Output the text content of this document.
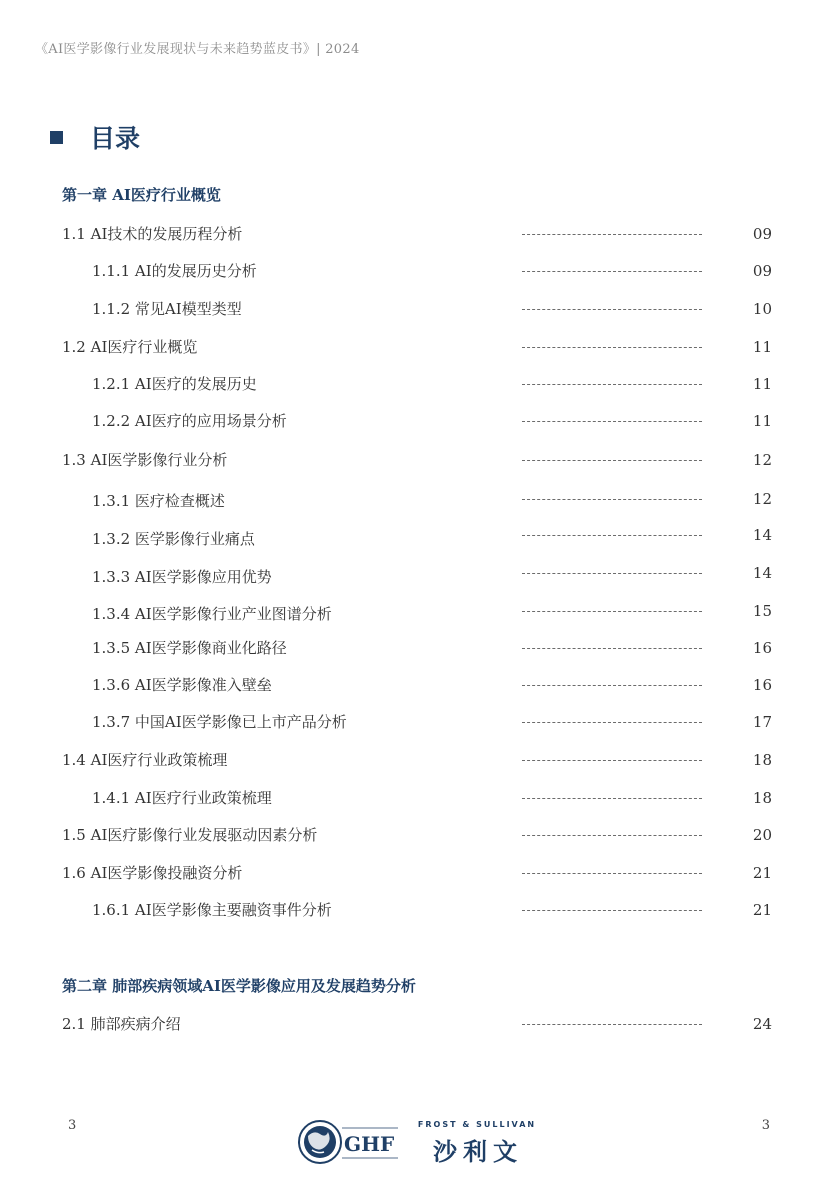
《AI医学影像行业发展现状与未来趋势蓝皮书》| 2024
目录
第一章 AI医疗行业概览
1.1 AI技术的发展历程分析	09
1.1.1 AI的发展历史分析	09
1.1.2 常见AI模型类型	10
1.2 AI医疗行业概览	11
1.2.1 AI医疗的发展历史	11
1.2.2 AI医疗的应用场景分析	11
1.3 AI医学影像行业分析	12
1.3.1 医疗检查概述	12
1.3.2 医学影像行业痛点	14
1.3.3 AI医学影像应用优势	14
1.3.4 AI医学影像行业产业图谱分析	15
1.3.5 AI医学影像商业化路径	16
1.3.6 AI医学影像准入壁垒	16
1.3.7 中国AI医学影像已上市产品分析	17
1.4 AI医疗行业政策梳理	18
1.4.1 AI医疗行业政策梳理	18
1.5 AI医疗影像行业发展驱动因素分析	20
1.6 AI医学影像投融资分析	21
1.6.1 AI医学影像主要融资事件分析	21
第二章 肺部疾病领域AI医学影像应用及发展趋势分析
2.1 肺部疾病介绍	24
3	3
GHF
FROST & SULLIVAN
沙利文
